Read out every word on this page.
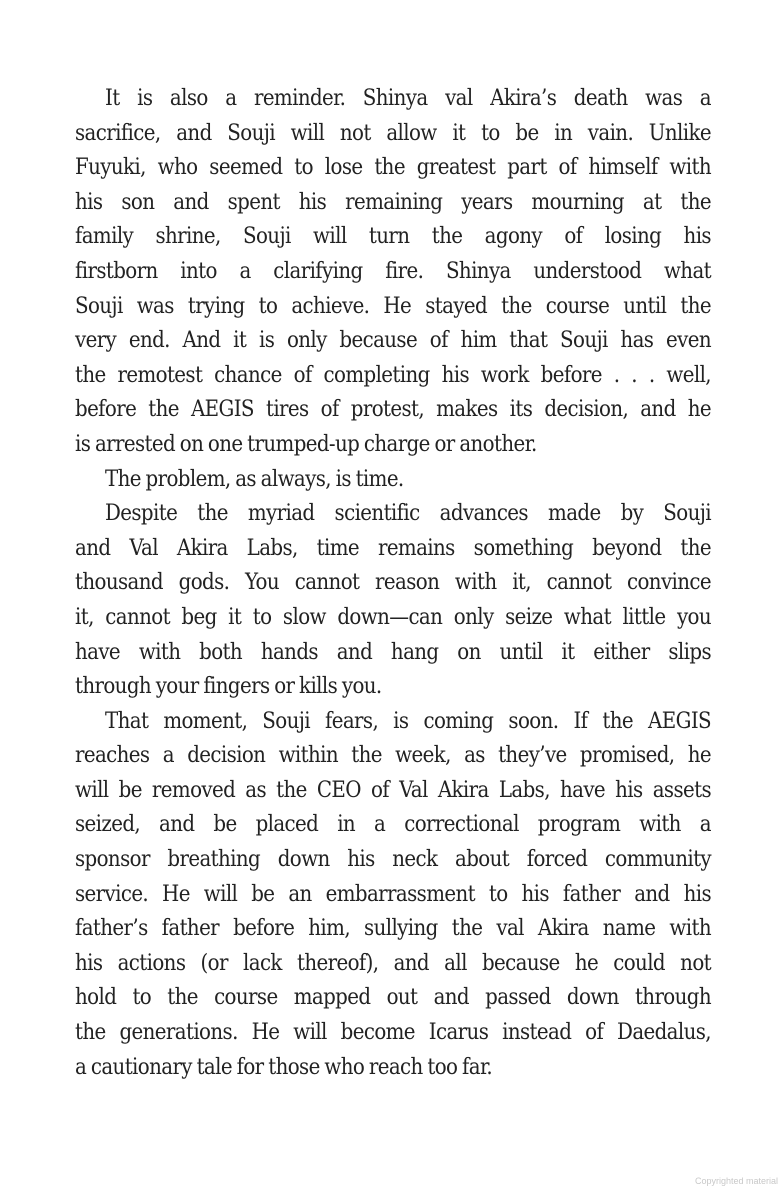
It is also a reminder. Shinya val Akira’s death was a
sacrifice, and Souji will not allow it to be in vain. Unlike
Fuyuki, who seemed to lose the greatest part of himself with
his son and spent his remaining years mourning at the
family shrine, Souji will turn the agony of losing his
firstborn into a clarifying fire. Shinya understood what
Souji was trying to achieve. He stayed the course until the
very end. And it is only because of him that Souji has even
the remotest chance of completing his work before . . . well,
before the AEGIS tires of protest, makes its decision, and he
is arrested on one trumped-up charge or another.
The problem, as always, is time.
Despite the myriad scientific advances made by Souji
and Val Akira Labs, time remains something beyond the
thousand gods. You cannot reason with it, cannot convince
it, cannot beg it to slow down—can only seize what little you
have with both hands and hang on until it either slips
through your fingers or kills you.
That moment, Souji fears, is coming soon. If the AEGIS
reaches a decision within the week, as they’ve promised, he
will be removed as the CEO of Val Akira Labs, have his assets
seized, and be placed in a correctional program with a
sponsor breathing down his neck about forced community
service. He will be an embarrassment to his father and his
father’s father before him, sullying the val Akira name with
his actions (or lack thereof), and all because he could not
hold to the course mapped out and passed down through
the generations. He will become Icarus instead of Daedalus,
a cautionary tale for those who reach too far.
Copyrighted material
